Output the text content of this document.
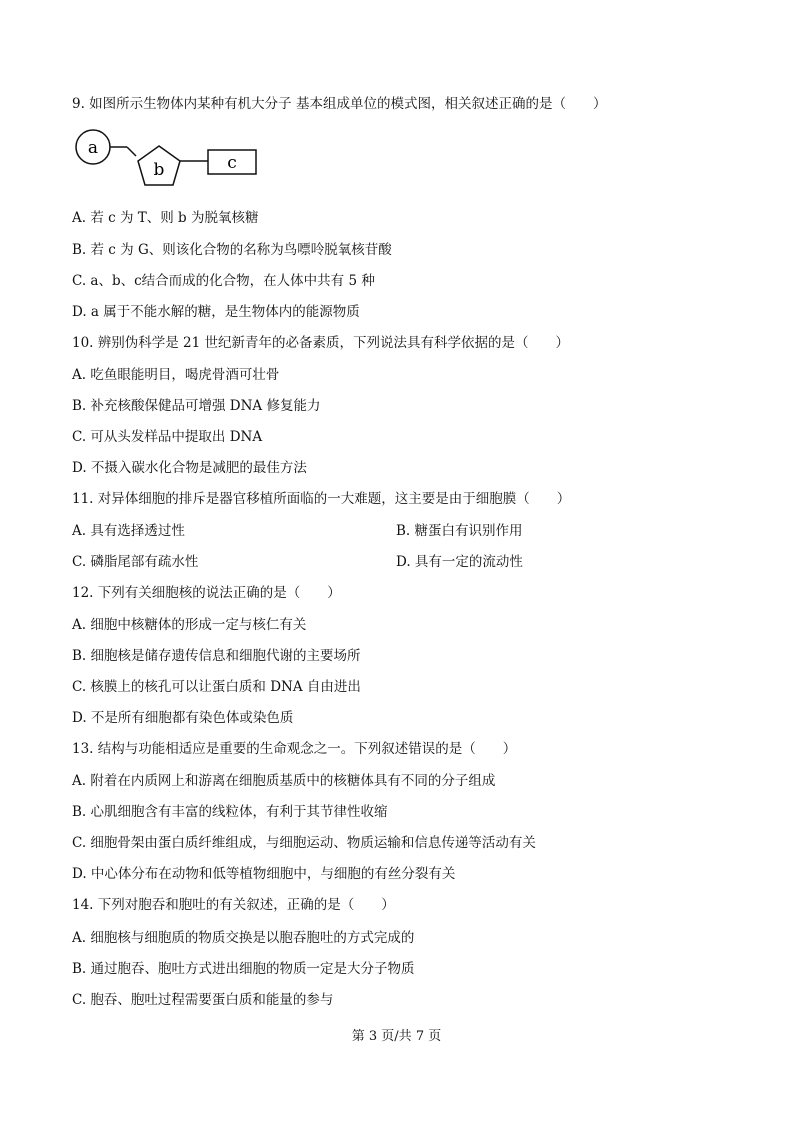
9. 如图所示生物体内某种有机大分子 基本组成单位的模式图，相关叙述正确的是（　　）
a
b	c
A. 若 c 为 T、则 b 为脱氧核糖
B. 若 c 为 G、则该化合物的名称为鸟嘌呤脱氧核苷酸
C. a、b、c结合而成的化合物，在人体中共有 5 种
D. a 属于不能水解的糖，是生物体内的能源物质
10. 辨别伪科学是 21 世纪新青年的必备素质，下列说法具有科学依据的是（　　）
A. 吃鱼眼能明目，喝虎骨酒可壮骨
B. 补充核酸保健品可增强 DNA 修复能力
C. 可从头发样品中提取出 DNA
D. 不摄入碳水化合物是减肥的最佳方法
11. 对异体细胞的排斥是器官移植所面临的一大难题，这主要是由于细胞膜（　　）
A. 具有选择透过性	B. 糖蛋白有识别作用
C. 磷脂尾部有疏水性	D. 具有一定的流动性
12. 下列有关细胞核的说法正确的是（　　）
A. 细胞中核糖体的形成一定与核仁有关
B. 细胞核是储存遗传信息和细胞代谢的主要场所
C. 核膜上的核孔可以让蛋白质和 DNA 自由进出
D. 不是所有细胞都有染色体或染色质
13. 结构与功能相适应是重要的生命观念之一。下列叙述错误的是（　　）
A. 附着在内质网上和游离在细胞质基质中的核糖体具有不同的分子组成
B. 心肌细胞含有丰富的线粒体，有利于其节律性收缩
C. 细胞骨架由蛋白质纤维组成，与细胞运动、物质运输和信息传递等活动有关
D. 中心体分布在动物和低等植物细胞中，与细胞的有丝分裂有关
14. 下列对胞吞和胞吐的有关叙述，正确的是（　　）
A. 细胞核与细胞质的物质交换是以胞吞胞吐的方式完成的
B. 通过胞吞、胞吐方式进出细胞的物质一定是大分子物质
C. 胞吞、胞吐过程需要蛋白质和能量的参与
第 3 页/共 7 页
